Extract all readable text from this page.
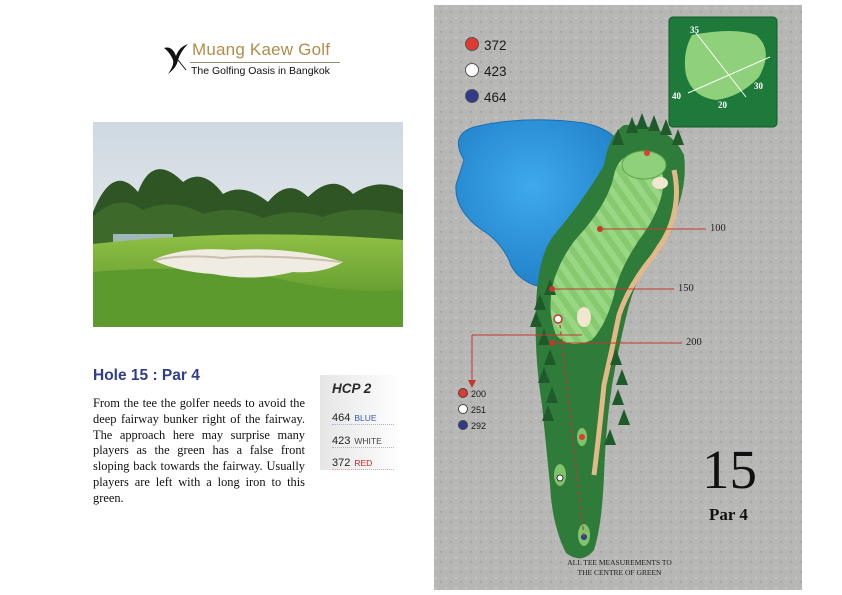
Muang Kaew Golf
The Golfing Oasis in Bangkok
Hole 15 : Par 4
From the tee the golfer needs to avoid the deep fairway bunker right of the fairway. The approach here may surprise many players as the green has a false front sloping back towards the fairway. Usually players are left with a long iron to this green.
HCP 2
464 BLUE
423 WHITE
372 RED
372
423
464
100
150
200
200
251
292
35
30
40
20
15
Par 4
ALL TEE MEASUREMENTS TO
THE CENTRE OF GREEN
